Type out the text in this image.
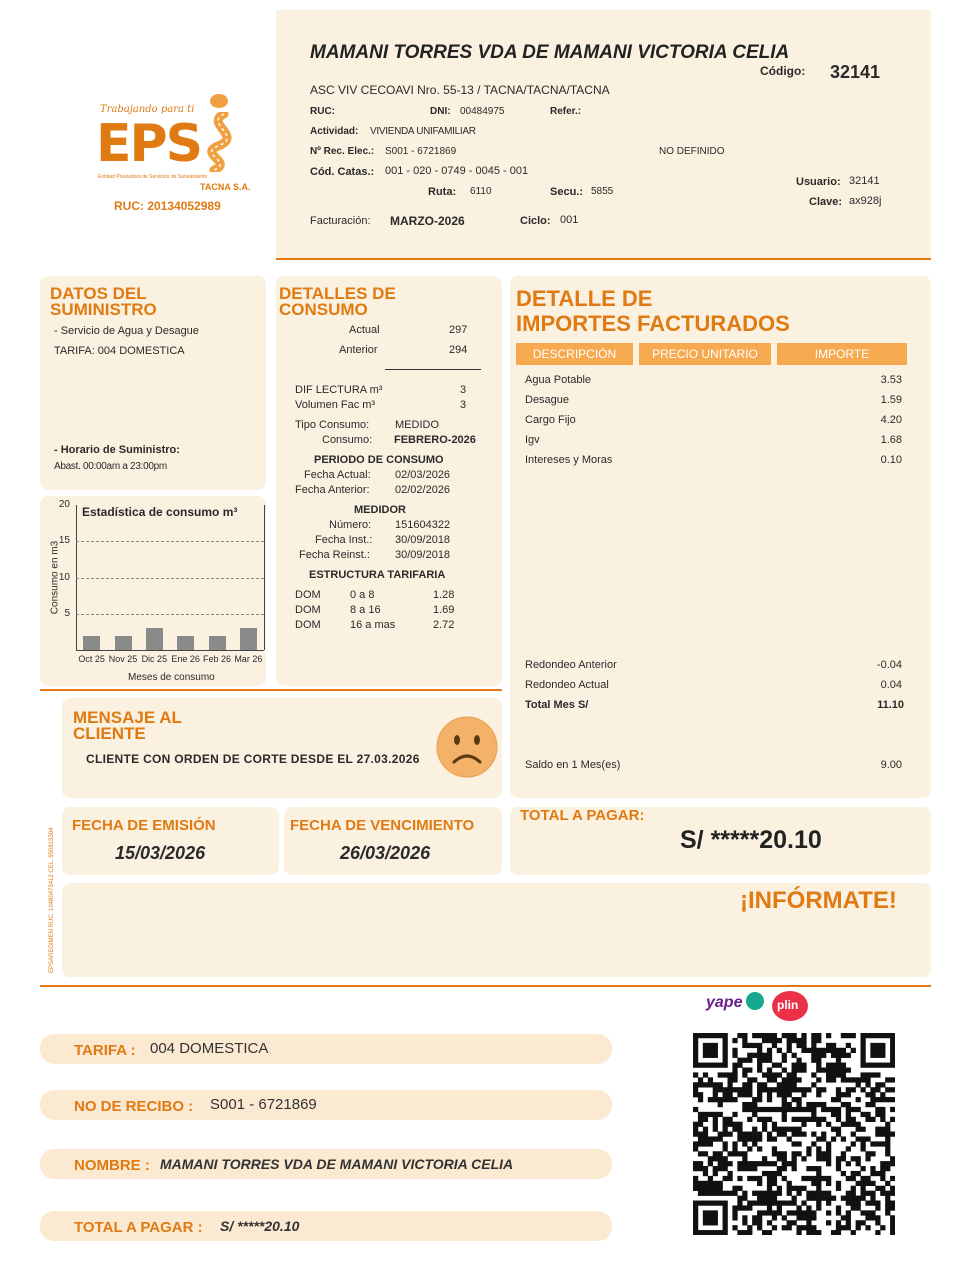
MAMANI TORRES VDA DE MAMANI VICTORIA CELIA
Código: 32141
ASC VIV CECOAVI Nro. 55-13 / TACNA/TACNA/TACNA
RUC:	DNI: 00484975	Refer.:
Actividad: VIVIENDA UNIFAMILIAR
Nº Rec. Elec.: S001 - 6721869	NO DEFINIDO
Cód. Catas.: 001 - 020 - 0749 - 0045 - 001
Ruta: 6110	Secu.: 5855
Usuario: 32141
Clave: ax928j
Facturación: MARZO-2026	Ciclo: 001
Trabajando para ti
EPS
Entidad Prestadora de Servicios de Saneamiento
TACNA S.A.
RUC: 20134052989
DATOS DEL
SUMINISTRO
- Servicio de Agua y Desague
TARIFA: 004 DOMESTICA
- Horario de Suministro:
Abast. 00:00am a 23:00pm
Estadística de consumo m³
Consumo en m3
Meses de consumo
20
15
10
5
Oct 25 Nov 25 Dic 25 Ene 26 Feb 26 Mar 26
DETALLES DE
CONSUMO
Actual	297
Anterior	294
DIF LECTURA m³	3
Volumen Fac m³	3
Tipo Consumo: MEDIDO
Consumo: FEBRERO-2026
PERIODO DE CONSUMO
Fecha Actual: 02/03/2026
Fecha Anterior: 02/02/2026
MEDIDOR
Número: 151604322
Fecha Inst.: 30/09/2018
Fecha Reinst.: 30/09/2018
ESTRUCTURA TARIFARIA
DOM	0 a 8	1.28
DOM	8 a 16	1.69
DOM	16 a mas	2.72
DETALLE DE
IMPORTES FACTURADOS
DESCRIPCIÓN	PRECIO UNITARIO	IMPORTE
Agua Potable	3.53
Desague	1.59
Cargo Fijo	4.20
Igv	1.68
Intereses y Moras	0.10
Redondeo Anterior	-0.04
Redondeo Actual	0.04
Total Mes S/	11.10
Saldo en 1 Mes(es)	9.00
MENSAJE AL
CLIENTE
CLIENTE CON ORDEN DE CORTE DESDE EL 27.03.2026
EPSAREGIMEN RUC. 10480473412 CEL. 950815304
FECHA DE EMISIÓN
15/03/2026
FECHA DE VENCIMIENTO
26/03/2026
TOTAL A PAGAR:
S/ *****20.10
¡INFÓRMATE!
yape	plin
TARIFA : 004 DOMESTICA
NO DE RECIBO : S001 - 6721869
NOMBRE : MAMANI TORRES VDA DE MAMANI VICTORIA CELIA
TOTAL A PAGAR : S/ *****20.10
